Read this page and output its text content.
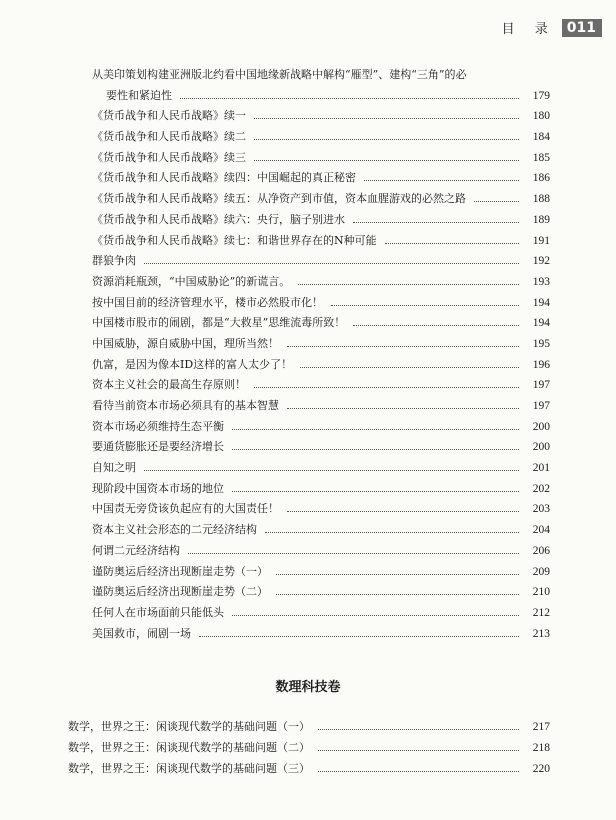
目 录 011
从美印策划构建亚洲版北约看中国地缘新战略中解构“雁型”、建构“三角”的必
要性和紧迫性	179
《货币战争和人民币战略》续一	180
《货币战争和人民币战略》续二	184
《货币战争和人民币战略》续三	185
《货币战争和人民币战略》续四：中国崛起的真正秘密	186
《货币战争和人民币战略》续五：从净资产到市值，资本血腥游戏的必然之路	188
《货币战争和人民币战略》续六：央行，脑子别进水	189
《货币战争和人民币战略》续七：和谐世界存在的N种可能	191
群狼争肉	192
资源消耗瓶颈，“中国威胁论”的新谎言。	193
按中国目前的经济管理水平，楼市必然股市化！	194
中国楼市股市的闹剧，都是“大救星”思维流毒所致！	194
中国威胁，源自威胁中国，理所当然！	195
仇富，是因为像本ID这样的富人太少了！	196
资本主义社会的最高生存原则！	197
看待当前资本市场必须具有的基本智慧	197
资本市场必须维持生态平衡	200
要通货膨胀还是要经济增长	200
自知之明	201
现阶段中国资本市场的地位	202
中国责无旁贷该负起应有的大国责任！	203
资本主义社会形态的二元经济结构	204
何谓二元经济结构	206
谨防奥运后经济出现断崖走势（一）	209
谨防奥运后经济出现断崖走势（二）	210
任何人在市场面前只能低头	212
美国救市，闹剧一场	213
数理科技卷
数学，世界之王：闲谈现代数学的基础问题（一）	217
数学，世界之王：闲谈现代数学的基础问题（二）	218
数学，世界之王：闲谈现代数学的基础问题（三）	220
